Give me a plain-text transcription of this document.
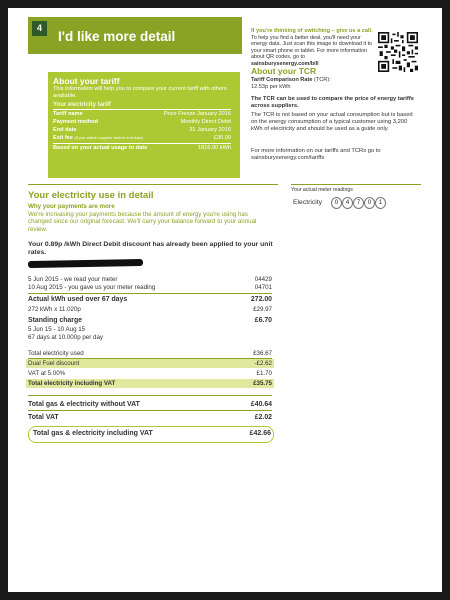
4
I'd like more detail
About your tariff
This information will help you to compare your current tariff with others available.
Your electricity tariff
Tariff name	Price Freeze January 2016
Payment method	Monthly Direct Debit
End date	31 January 2016
Exit fee (if you switch supplier before end date)	£30.00
Based on your actual usage to date	1816.00 kWh
If you're thinking of switching – give us a call.
To help you find a better deal, you'll need your energy data. Just scan this image to download it to your smart phone or tablet. For more information about QR codes, go to sainsburysenergy.com/bill
About your TCR
Tariff Comparison Rate (TCR):
12.53p per kWh
The TCR can be used to compare the price of energy tariffs across suppliers.
The TCR is not based on your actual consumption but is based on the energy consumption of a typical customer using 3,200 kWh of electricity and should be used as a guide only.
For more information on our tariffs and TCRs go to sainsburysenergy.com/tariffs
Your electricity use in detail
Why your payments are more
We're increasing your payments because the amount of energy you're using has changed since our original forecast. We'll carry your balance forward to your annual review.
Your actual meter readings
Electricity	0	4	7	0	1
Your 0.89p /kWh Direct Debit discount has already been applied to your unit rates.
5 Jun 2015 - we read your meter	04429
10 Aug 2015 - you gave us your meter reading	04701
Actual kWh used over 67 days	272.00
272 kWh x 11.020p	£29.97
Standing charge	£6.70
5 Jun 15 - 10 Aug 15
67 days at 10.000p per day
Total electricity used	£36.67
Dual Fuel discount	-£2.62
VAT at 5.00%	£1.70
Total electricity including VAT	£35.75
Total gas & electricity without VAT	£40.64
Total VAT	£2.02
Total gas & electricity including VAT	£42.66
